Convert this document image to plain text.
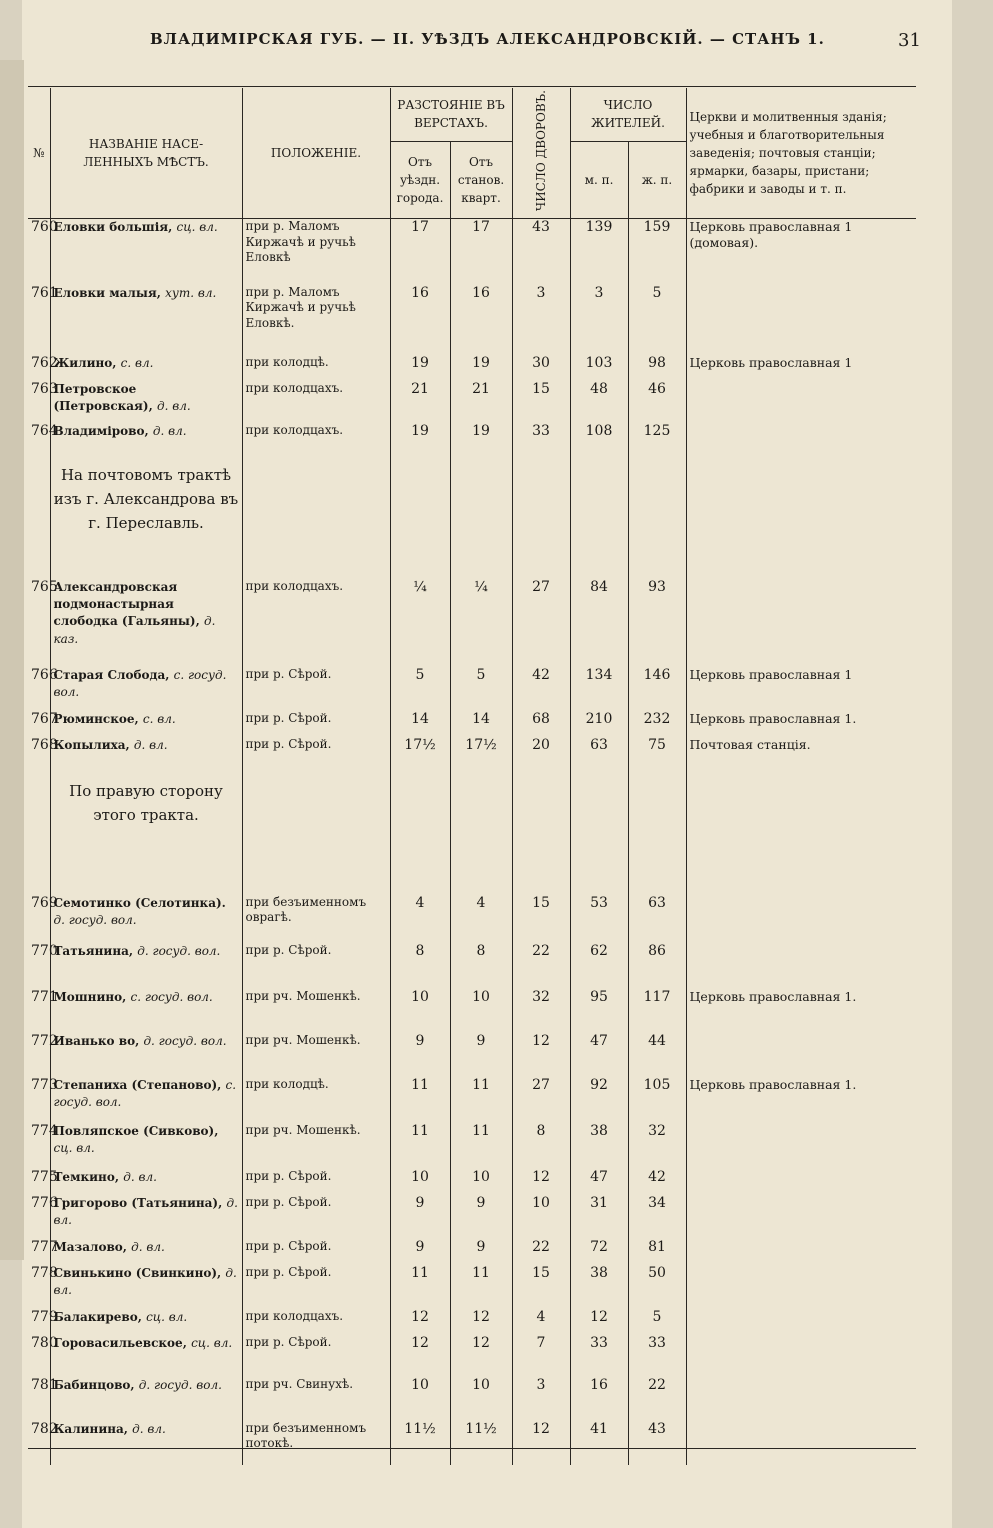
ВЛАДИМІРСКАЯ ГУБ. — II. УѢЗДЪ АЛЕКСАНДРОВСКІЙ. — СТАНЪ 1.	31
№	НАЗВАНІЕ НАСЕ- ЛЕННЫХЪ МѢСТЪ.	ПОЛОЖЕНІЕ.	РАЗСТОЯНІЕ ВЪ ВЕРСТАХЪ.		ЧИСЛО ДВОРОВЪ.	ЧИСЛО ЖИТЕЛЕЙ.		Церкви и молитвенныя зданія; учебныя и благотворительныя заведенія; почтовыя станціи; ярмарки, базары, пристани; фабрики и заводы и т. п.
			Отъ уѣздн. города.	Отъ станов. кварт.		м. п.	ж. п.	
760	Еловки большія, сц. вл.	при р. Маломъ Киржачѣ и ручьѣ Еловкѣ	17	17	43	139	159	Церковь православная 1 (домовая).
761	Еловки малыя, хут. вл.	при р. Маломъ Киржачѣ и ручьѣ Еловкѣ.	16	16	3	3	5	
762	Жилино, с. вл.	при колодцѣ.	19	19	30	103	98	Церковь православная 1
763	Петровское (Петровская), д. вл.	при колодцахъ.	21	21	15	48	46	
764	Владимірово, д. вл.	при колодцахъ.	19	19	33	108	125	
	На почтовомъ трактѣ изъ г. Александрова въ г. Переславль.							
765	Александровская подмонастырная слободка (Гальяны), д. каз.	при колодцахъ.	¼	¼	27	84	93	
766	Старая Слобода, с. госуд. вол.	при р. Сѣрой.	5	5	42	134	146	Церковь православная 1
767	Рюминское, с. вл.	при р. Сѣрой.	14	14	68	210	232	Церковь православная 1.
768	Копылиха, д. вл.	при р. Сѣрой.	17½	17½	20	63	75	Почтовая станція.
	По правую сторону этого тракта.							
769	Семотинко (Селотинка). д. госуд. вол.	при безъименномъ оврагѣ.	4	4	15	53	63	
770	Татьянина, д. госуд. вол.	при р. Сѣрой.	8	8	22	62	86	
771	Мошнино, с. госуд. вол.	при рч. Мошенкѣ.	10	10	32	95	117	Церковь православная 1.
772	Иванько во, д. госуд. вол.	при рч. Мошенкѣ.	9	9	12	47	44	
773	Степаниха (Степаново), с. госуд. вол.	при колодцѣ.	11	11	27	92	105	Церковь православная 1.
774	Повляпское (Сивково), сц. вл.	при рч. Мошенкѣ.	11	11	8	38	32	
775	Темкино, д. вл.	при р. Сѣрой.	10	10	12	47	42	
776	Григорово (Татьянина), д. вл.	при р. Сѣрой.	9	9	10	31	34	
777	Мазалово, д. вл.	при р. Сѣрой.	9	9	22	72	81	
778	Свинькино (Свинкино), д. вл.	при р. Сѣрой.	11	11	15	38	50	
779	Балакирево, сц. вл.	при колодцахъ.	12	12	4	12	5	
780	Горовасильевское, сц. вл.	при р. Сѣрой.	12	12	7	33	33	
781	Бабинцово, д. госуд. вол.	при рч. Свинухѣ.	10	10	3	16	22	
782	Калинина, д. вл.	при безъименномъ потокѣ.	11½	11½	12	41	43	
